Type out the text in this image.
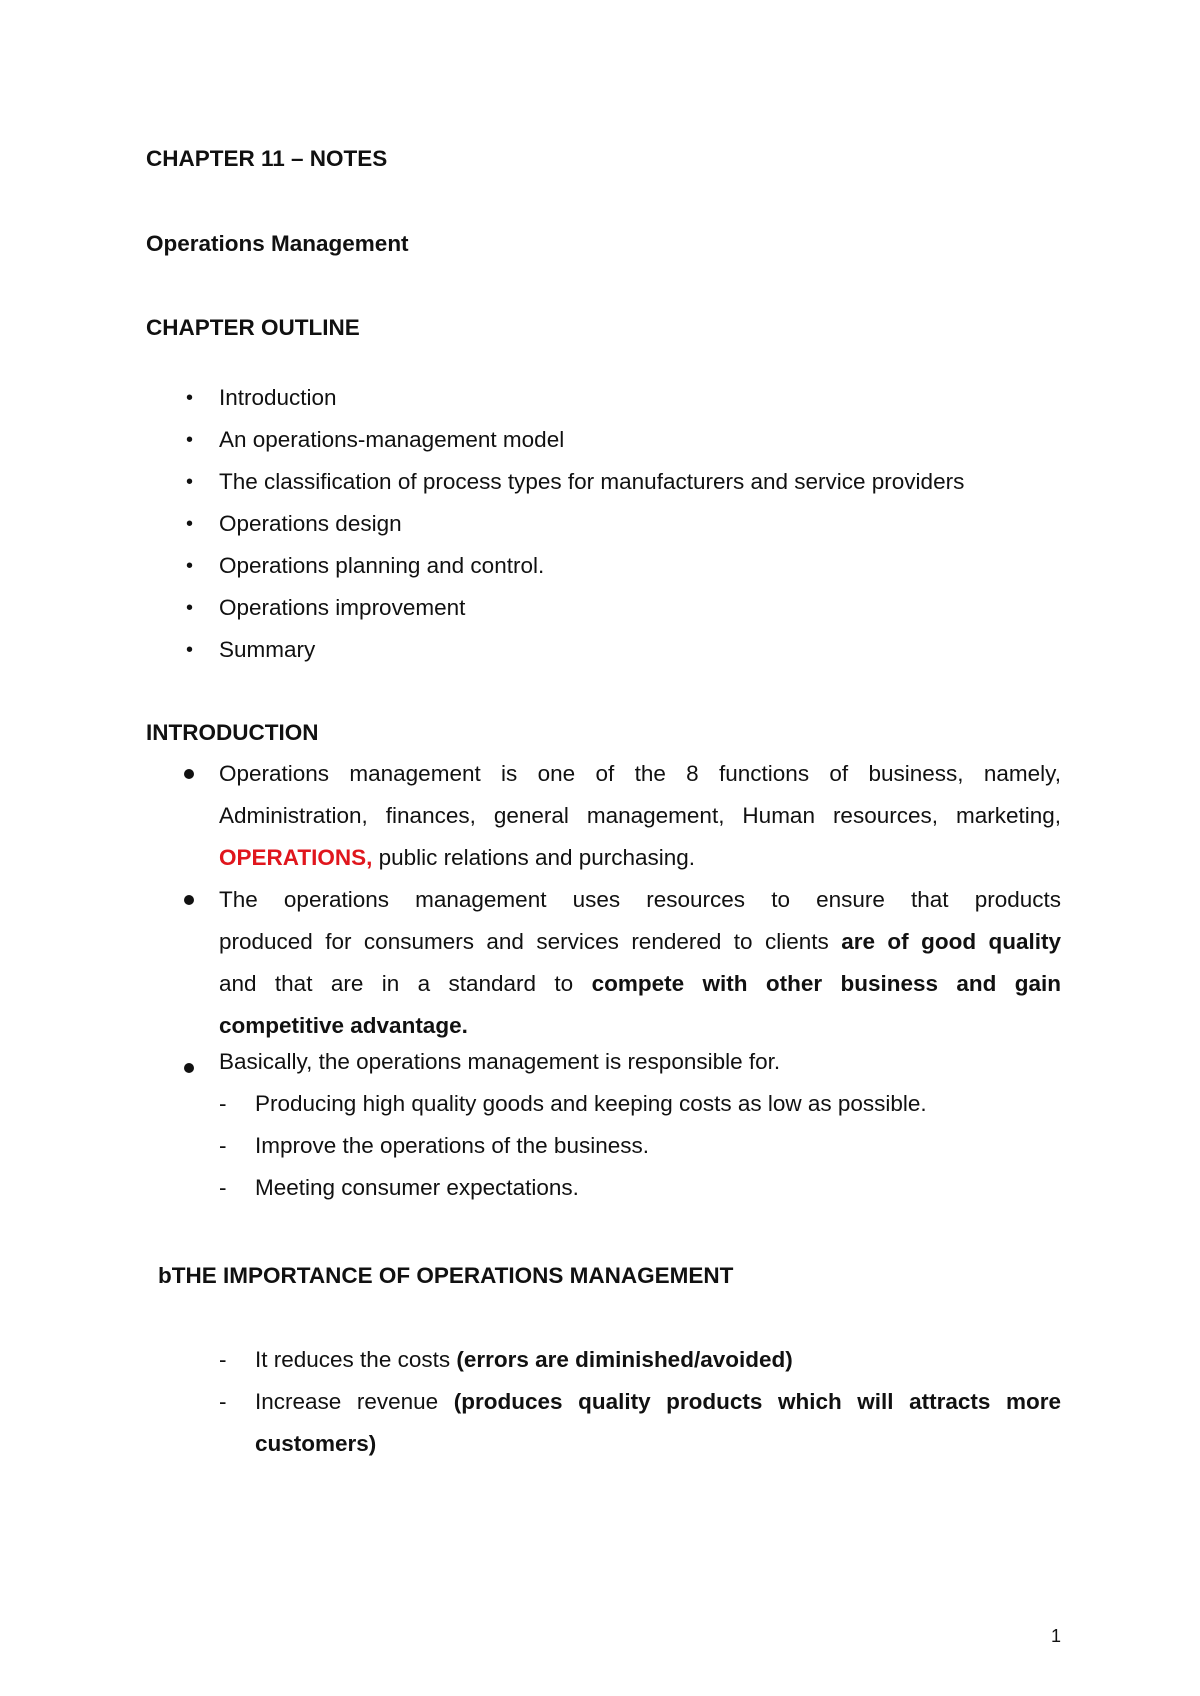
CHAPTER 11 – NOTES
Operations Management
CHAPTER OUTLINE
• Introduction
• An operations-management model
• The classification of process types for manufacturers and service providers
• Operations design
• Operations planning and control.
• Operations improvement
• Summary
INTRODUCTION
Operations management is one of the 8 functions of business, namely,
Administration, finances, general management, Human resources, marketing,
OPERATIONS, public relations and purchasing.
The operations management uses resources to ensure that products
produced for consumers and services rendered to clients are of good quality
and that are in a standard to compete with other business and gain
competitive advantage.
Basically, the operations management is responsible for.
- Producing high quality goods and keeping costs as low as possible.
- Improve the operations of the business.
- Meeting consumer expectations.
bTHE IMPORTANCE OF OPERATIONS MANAGEMENT
- It reduces the costs (errors are diminished/avoided)
- Increase revenue (produces quality products which will attracts more
customers)
1
